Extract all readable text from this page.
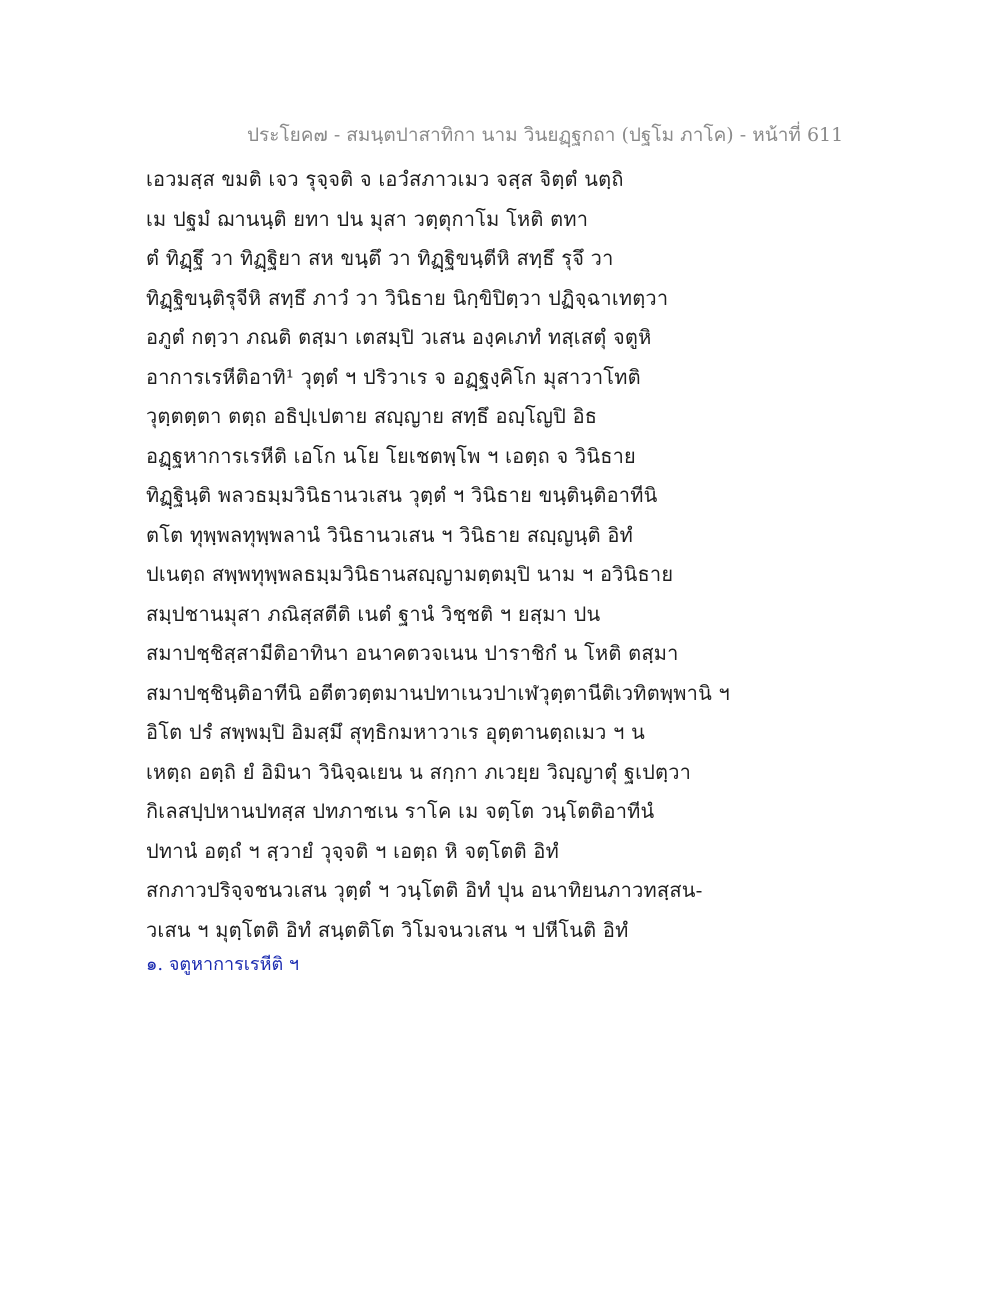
ประโยค๗ - สมนฺตปาสาทิกา นาม วินยฏฺฐกถา (ปฐโม ภาโค) - หน้าที่ 611
เอวมสฺส ขมติ เจว รุจฺจติ จ เอวํสภาวเมว จสฺส จิตฺตํ นตฺถิ
เม ปฐมํ ฌานนฺติ ยทา ปน มุสา วตฺตุกาโม โหติ ตทา
ตํ ทิฏฺฐึ วา ทิฏฺฐิยา สห ขนฺตึ วา ทิฏฺฐิขนฺตีหิ สทฺธึ รุจึ วา
ทิฏฺฐิขนฺติรุจีหิ สทฺธึ ภาวํ วา วินิธาย นิกฺขิปิตฺวา ปฏิจฺฉาเทตฺวา
อภูตํ กตฺวา ภณติ ตสฺมา เตสมฺปิ วเสน องฺคเภทํ ทสฺเสตุํ จตูหิ
อาการเรหีติอาทิ¹ วุตฺตํ ฯ ปริวาเร จ อฏฺฐงฺคิโก มุสาวาโทติ
วุตฺตตฺตา ตตฺถ อธิปฺเปตาย สญฺญาย สทฺธึ อญฺโญปิ อิธ
อฏฺฐหาการเรหีติ เอโก นโย โยเชตพฺโพ ฯ เอตฺถ จ วินิธาย
ทิฏฺฐินฺติ พลวธมฺมวินิธานวเสน วุตฺตํ ฯ วินิธาย ขนฺตินฺติอาทีนิ
ตโต ทุพฺพลทุพฺพลานํ วินิธานวเสน ฯ วินิธาย สญฺญนฺติ อิทํ
ปเนตฺถ สพฺพทุพฺพลธมฺมวินิธานสญฺญามตฺตมฺปิ นาม ฯ อวินิธาย
สมฺปชานมุสา ภณิสฺสตีติ เนตํ ฐานํ วิชฺชติ ฯ ยสฺมา ปน
สมาปชฺชิสฺสามีติอาทินา อนาคตวจเนน ปาราชิกํ น โหติ ตสฺมา
สมาปชฺชินฺติอาทีนิ อตีตวตฺตมานปทาเนวปาเฬวุตฺตานีติเวทิตพฺพานิ ฯ
อิโต ปรํ สพฺพมฺปิ อิมสฺมึ สุทฺธิกมหาวาเร อุตฺตานตฺถเมว ฯ น
เหตฺถ อตฺถิ ยํ อิมินา วินิจฺฉเยน น สกฺกา ภเวยฺย วิญฺญาตุํ ฐเปตฺวา
กิเลสปฺปหานปทสฺส ปทภาชเน ราโค เม จตฺโต วนฺโตติอาทีนํ
ปทานํ อตฺถํ ฯ สฺวายํ วุจฺจติ ฯ เอตฺถ หิ จตฺโตติ อิทํ
สกภาวปริจฺจชนวเสน วุตฺตํ ฯ วนฺโตติ อิทํ ปุน อนาทิยนภาวทสฺสน-
วเสน ฯ มุตฺโตติ อิทํ สนฺตติโต วิโมจนวเสน ฯ ปหีโนติ อิทํ
๑. จตูหาการเรหีติ ฯ
